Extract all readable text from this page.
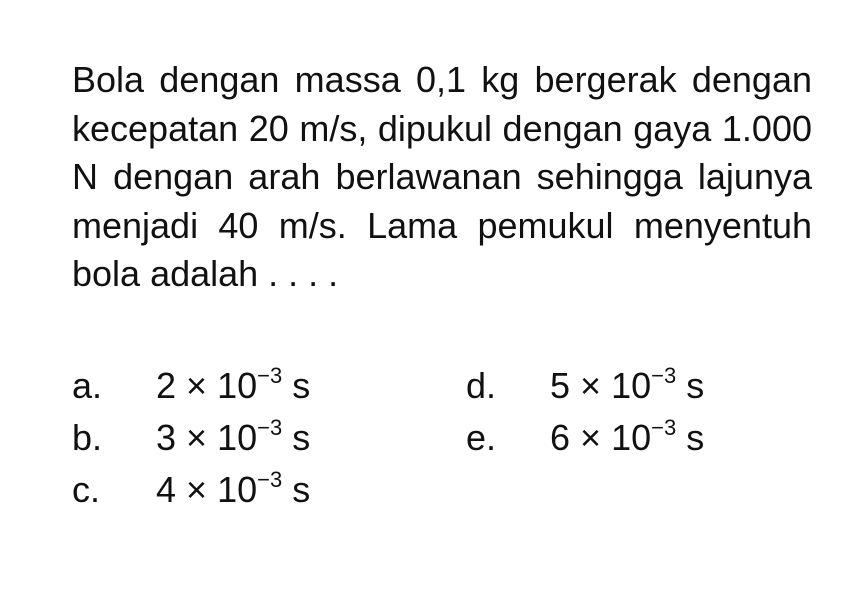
Bola dengan massa 0,1 kg bergerak dengan kecepatan 20 m/s, dipukul dengan gaya 1.000 N dengan arah berlawanan sehingga lajunya menjadi 40 m/s. Lama pemukul menyentuh bola adalah . . . .
a. $2 \times 10^{-3}$ s
b. $3 \times 10^{-3}$ s
c. $4 \times 10^{-3}$ s
d. $5 \times 10^{-3}$ s
e. $6 \times 10^{-3}$ s
